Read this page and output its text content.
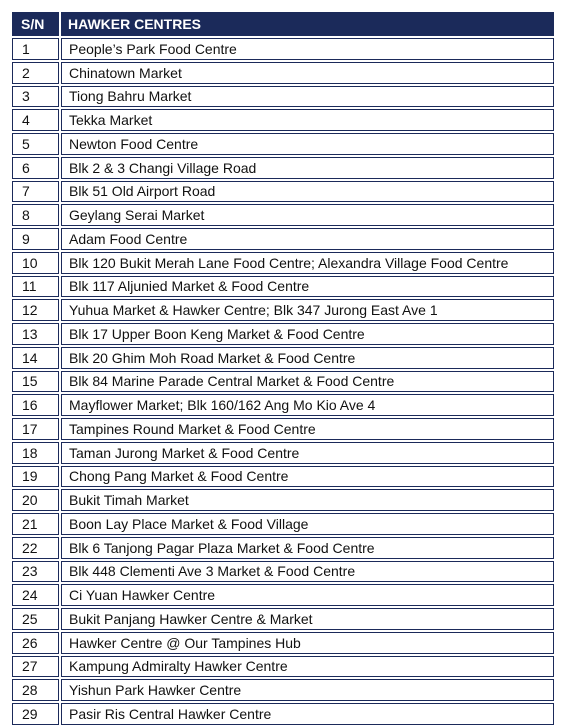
S/N	HAWKER CENTRES
1	People’s Park Food Centre
2	Chinatown Market
3	Tiong Bahru Market
4	Tekka Market
5	Newton Food Centre
6	Blk 2 & 3 Changi Village Road
7	Blk 51 Old Airport Road
8	Geylang Serai Market
9	Adam Food Centre
10	Blk 120 Bukit Merah Lane Food Centre; Alexandra Village Food Centre
11	Blk 117 Aljunied Market & Food Centre
12	Yuhua Market & Hawker Centre; Blk 347 Jurong East Ave 1
13	Blk 17 Upper Boon Keng Market & Food Centre
14	Blk 20 Ghim Moh Road Market & Food Centre
15	Blk 84 Marine Parade Central Market & Food Centre
16	Mayflower Market; Blk 160/162 Ang Mo Kio Ave 4
17	Tampines Round Market & Food Centre
18	Taman Jurong Market & Food Centre
19	Chong Pang Market & Food Centre
20	Bukit Timah Market
21	Boon Lay Place Market & Food Village
22	Blk 6 Tanjong Pagar Plaza Market & Food Centre
23	Blk 448 Clementi Ave 3 Market & Food Centre
24	Ci Yuan Hawker Centre
25	Bukit Panjang Hawker Centre & Market
26	Hawker Centre @ Our Tampines Hub
27	Kampung Admiralty Hawker Centre
28	Yishun Park Hawker Centre
29	Pasir Ris Central Hawker Centre
